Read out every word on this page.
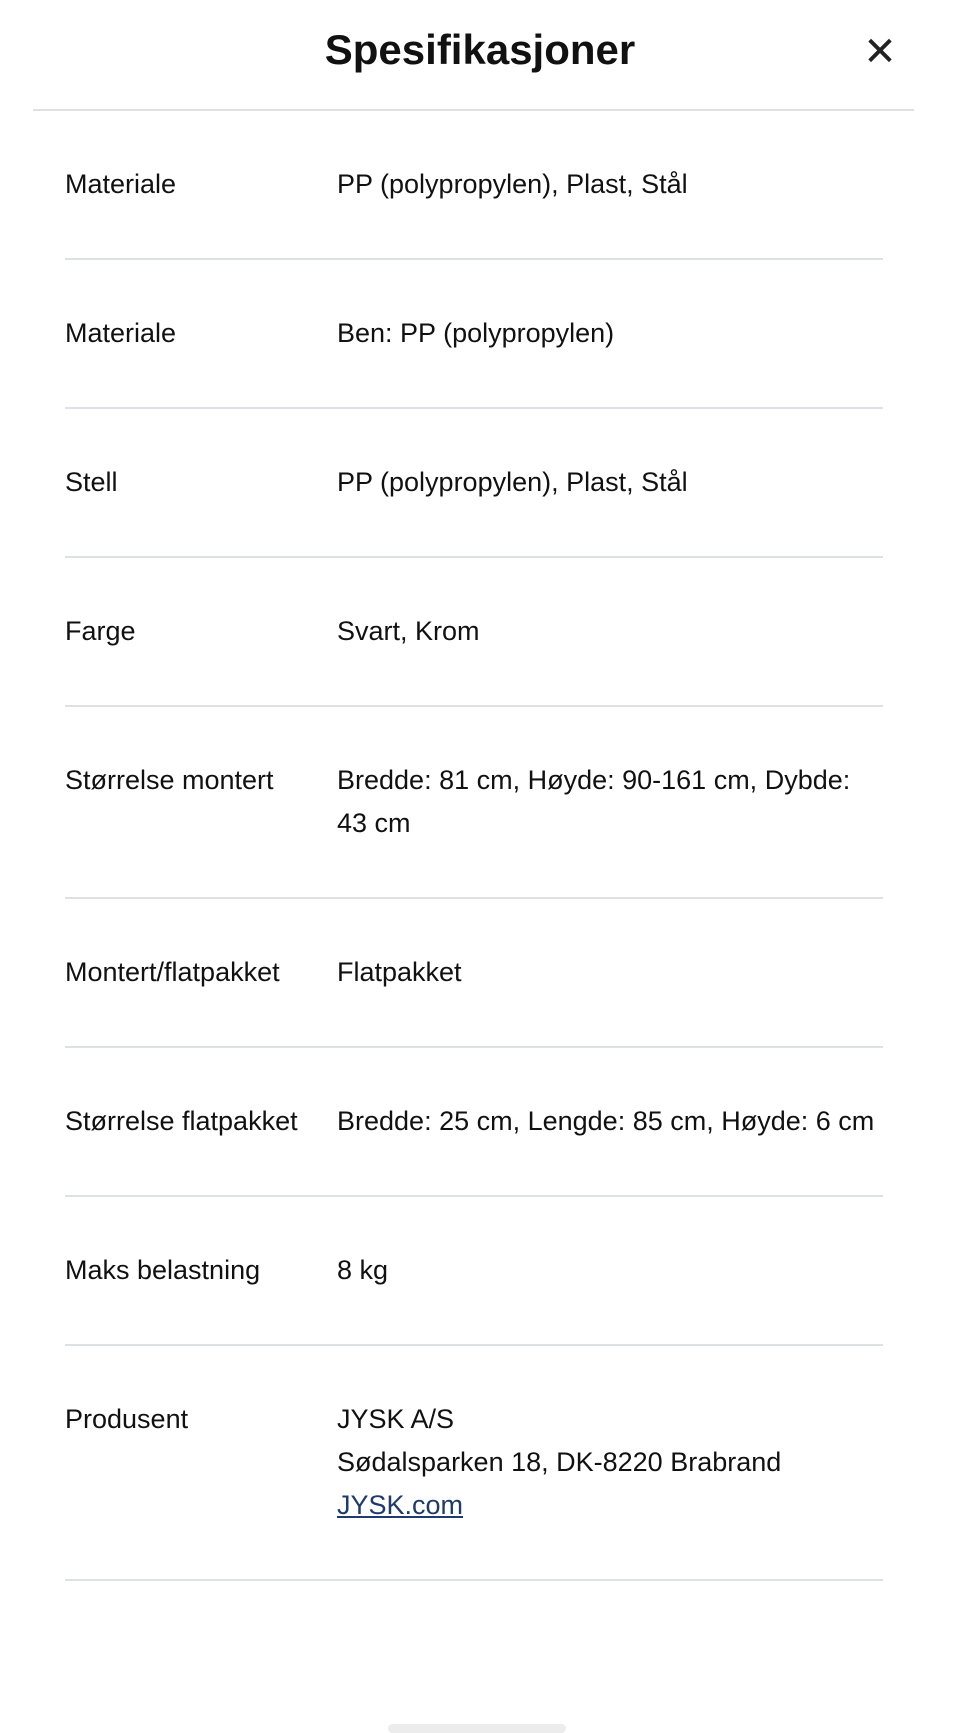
Spesifikasjoner	✕
Materiale	PP (polypropylen), Plast, Stål
Materiale	Ben: PP (polypropylen)
Stell	PP (polypropylen), Plast, Stål
Farge	Svart, Krom
Størrelse montert	Bredde: 81 cm, Høyde: 90-161 cm, Dybde: 43 cm
Montert/flatpakket	Flatpakket
Størrelse flatpakket	Bredde: 25 cm, Lengde: 85 cm, Høyde: 6 cm
Maks belastning	8 kg
Produsent	JYSK A/S
Sødalsparken 18, DK-8220 Brabrand
JYSK.com
